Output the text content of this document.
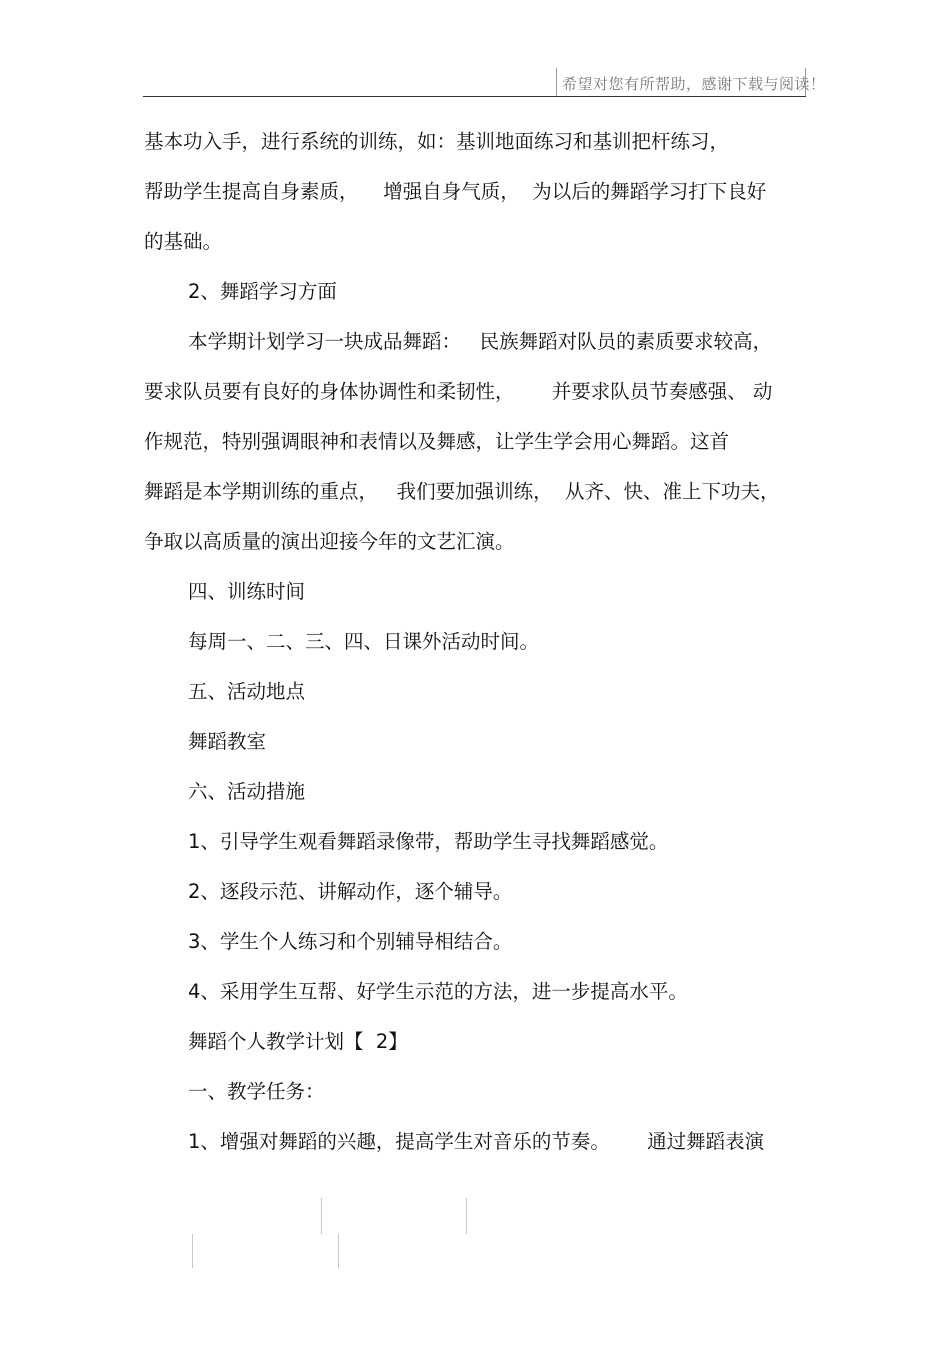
希望对您有所帮助，感谢下载与阅读！
基本功入手，进行系统的训练，如：基训地面练习和基训把杆练习，
帮助学生提高自身素质，    增强自身气质，  为以后的舞蹈学习打下良好
的基础。
2、舞蹈学习方面
本学期计划学习一块成品舞蹈：   民族舞蹈对队员的素质要求较高，
要求队员要有良好的身体协调性和柔韧性，      并要求队员节奏感强、 动
作规范，特别强调眼神和表情以及舞感，让学生学会用心舞蹈。这首
舞蹈是本学期训练的重点，   我们要加强训练，  从齐、快、准上下功夫，
争取以高质量的演出迎接今年的文艺汇演。
四、训练时间
每周一、二、三、四、日课外活动时间。
五、活动地点
舞蹈教室
六、活动措施
1、引导学生观看舞蹈录像带，帮助学生寻找舞蹈感觉。
2、逐段示范、讲解动作，逐个辅导。
3、学生个人练习和个别辅导相结合。
4、采用学生互帮、好学生示范的方法，进一步提高水平。
舞蹈个人教学计划【  2】
一、教学任务：
1、增强对舞蹈的兴趣，提高学生对音乐的节奏。      通过舞蹈表演
